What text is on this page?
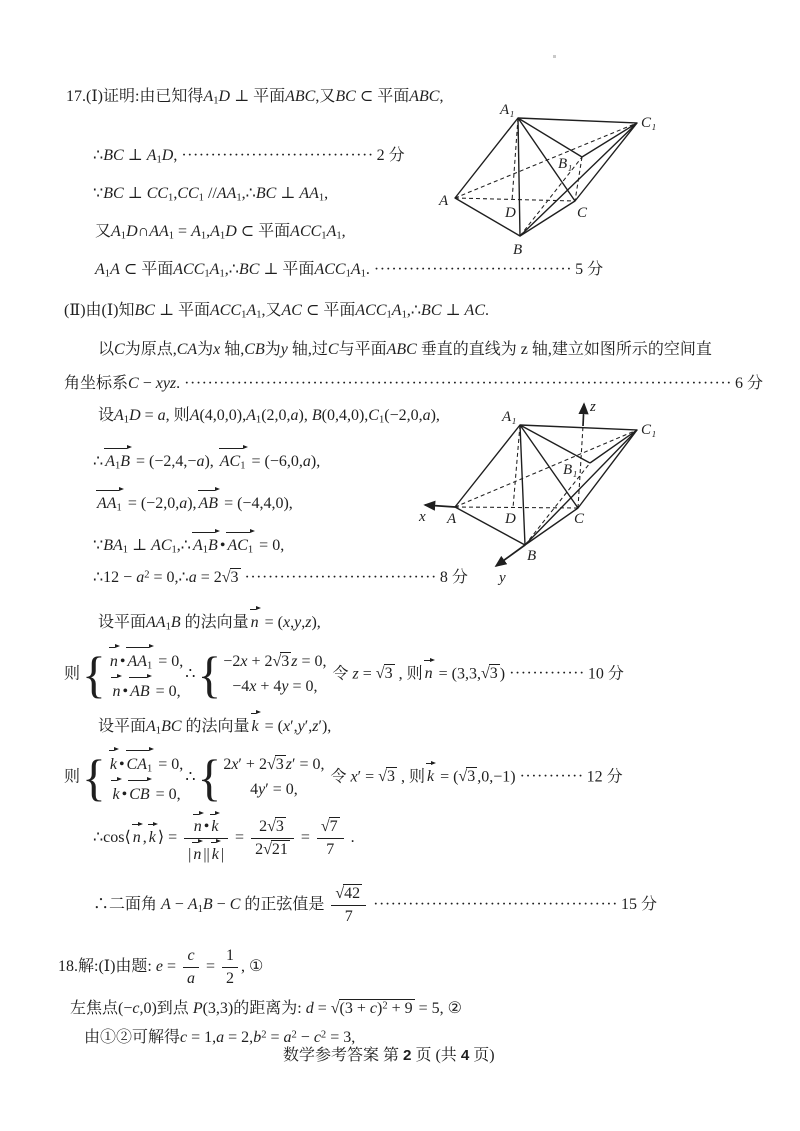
17.(Ⅰ)证明:由已知得$A_1D$ ⊥ 平面ABC,又BC ⊂ 平面ABC,
∴BC ⊥ $A_1D$, ································· 2 分
∵BC ⊥ $CC_1,CC_1$ $//AA_1,\therefore BC$ ⊥ $AA_1$,
又$A_1D\cap AA_1 = A_1,A_1D$ ⊂ 平面$ACC_1A_1$,
$A_1A$ ⊂ 平面$ACC_1A_1,\therefore BC$ ⊥ 平面$ACC_1A_1$. ·································· 5 分
(Ⅱ)由(Ⅰ)知BC ⊥ 平面$ACC_1A_1$,又AC ⊂ 平面$ACC_1A_1,\therefore BC$ ⊥ AC.
以C为原点,CA为x 轴,CB为y 轴,过C与平面ABC 垂直的直线为 z 轴,建立如图所示的空间直
角坐标系C − xyz. ······························································································ 6 分
设$A_1D = a$, 则$A(4,0,0),A_1(2,0,a)$, $B(0,4,0),C_1(-2,0,a)$,
∴ $A_1B = (-2,4,-a)$, $AC_1 = (-6,0,a)$,
$AA_1 = (-2,0,a)$, AB = (−4,4,0),
$\because BA_1$ ⊥ $AC_1,\therefore$ $A_1B$ • $AC_1 = 0$,
∴12 − $a^2$ = 0,∴a = 2√3 ································· 8 分
设平面$AA_1B$ 的法向量 n = (x,y,z),
则 { n • $AA_1 = 0$,
n • AB = 0,
∴ { −2x + 2√3 z = 0,
−4x + 4y = 0,
令 z = √3 , 则 n = (3,3,√3 ) ············· 10 分
设平面$A_1BC$ 的法向量 k = (x′,y′,z′),
则 { k • $CA_1 = 0$,
k • CB = 0,
∴ { 2x′ + 2√3 z′ = 0,
4y′ = 0,
令 x′ = √3 , 则 k = (√3 ,0,−1) ··········· 12 分
∴cos⟨ n , k ⟩ = $\frac{n • k}{| n || k |} = \frac{2√3}{2√21} = \frac{√7}{7}$ .
∴二面角 $A - A_1B - C$ 的正弦值是 $\frac{√42}{7}$ ·········································· 15 分
18.解:(Ⅰ)由题: $e = \frac{c}{a} = \frac{1}{2}$ , ①
左焦点(−c,0)到点 P(3,3)的距离为: $d = √(3 + c)^2 + 9 = 5$, ②
由①②可解得$c = 1,a = 2,b^2 = a^2 - c^2 = 3$,
数学参考答案 第 2 页 (共 4 页)
A₁
C₁
B₁
A
D	C
B
A₁
C₁
B₁
A	D	C
B
x
y
z
